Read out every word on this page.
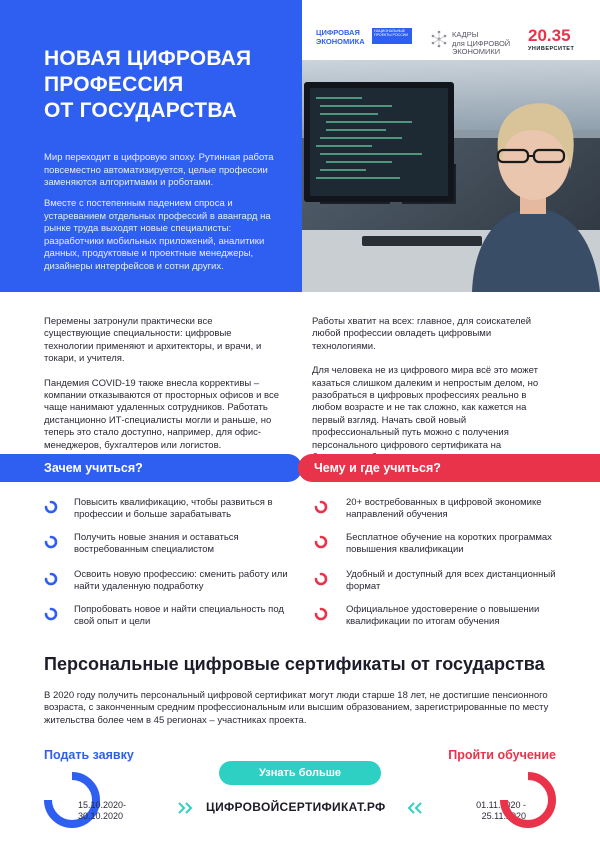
НОВАЯ ЦИФРОВАЯ
ПРОФЕССИЯ
ОТ ГОСУДАРСТВА

Мир переходит в цифровую эпоху. Рутинная работа повсеместно автоматизируется, целые профессии заменяются алгоритмами и роботами.

Вместе с постепенным падением спроса и устареванием отдельных профессий в авангард на рынке труда выходят новые специалисты: разработчики мобильных приложений, аналитики данных, продуктовые и проектные менеджеры, дизайнеры интерфейсов и сотни других.

ЦИФРОВАЯ
ЭКОНОМИКА
НАЦИОНАЛЬНЫЕ ПРОЕКТЫ РОССИИ	КАДРЫ
для ЦИФРОВОЙ
ЭКОНОМИКИ
20.35
УНИВЕРСИТЕТ

Перемены затронули практически все существующие специальности: цифровые технологии применяют и архитекторы, и врачи, и токари, и учителя.

Пандемия COVID-19 также внесла коррективы – компании отказываются от просторных офисов и все чаще нанимают удаленных сотрудников. Работать дистанционно ИТ-специалисты могли и раньше, но теперь это стало доступно, например, для офис-менеджеров, бухгалтеров или логистов.

Работы хватит на всех: главное, для соискателей любой профессии овладеть цифровыми технологиями.

Для человека не из цифрового мира всё это может казаться слишком далеким и непростым делом, но разобраться в цифровых профессиях реально в любом возрасте и не так сложно, как кажется на первый взгляд. Начать свой новый профессиональный путь можно с получения персонального цифрового сертификата на

Зачем учиться?	Чему и где учиться?
Повысить квалификацию, чтобы развиться в профессии и больше зарабатывать
Получить новые знания и оставаться востребованным специалистом
Освоить новую профессию: сменить работу или найти удаленную подработку
Попробовать новое и найти специальность под свой опыт и цели
20+ востребованных в цифровой экономике направлений обучения
Бесплатное обучение на коротких программах повышения квалификации
Удобный и доступный для всех дистанционный формат
Официальное удостоверение о повышении квалификации по итогам обучения
Персональные цифровые сертификаты от государства

В 2020 году получить персональный цифровой сертификат могут люди старше 18 лет, не достигшие пенсионного возраста, с законченным средним профессиональным или высшим образованием, зарегистрированные по месту жительства более чем в 45 регионах – участниках проекта.

Подать заявку
15.10.2020-
30.10.2020
Узнать больше
ЦИФРОВОЙСЕРТИФИКАТ.РФ
Пройти обучение
01.11.2020 -
25.11.2020
